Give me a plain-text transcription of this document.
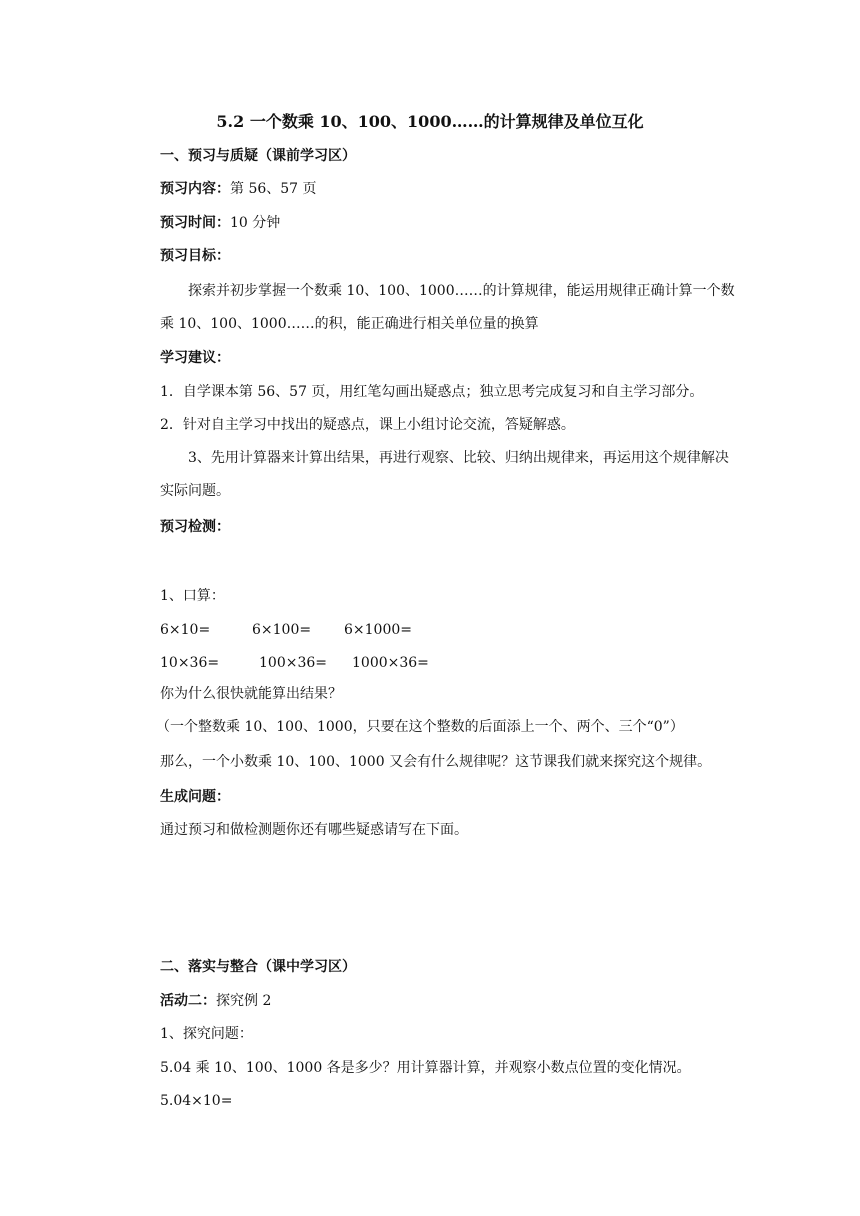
5.2 一个数乘 10、100、1000……的计算规律及单位互化
一、预习与质疑（课前学习区）
预习内容：第 56、57 页
预习时间：10 分钟
预习目标：
探索并初步掌握一个数乘 10、100、1000……的计算规律，能运用规律正确计算一个数乘 10、100、1000……的积，能正确进行相关单位量的换算
学习建议：
1．自学课本第 56、57 页，用红笔勾画出疑惑点；独立思考完成复习和自主学习部分。
2．针对自主学习中找出的疑惑点，课上小组讨论交流，答疑解惑。
3、先用计算器来计算出结果，再进行观察、比较、归纳出规律来，再运用这个规律解决实际问题。
预习检测：
1、口算：
6×10=	6×100= 6×1000=
10×36=	100×36= 1000×36=
你为什么很快就能算出结果？
（一个整数乘 10、100、1000，只要在这个整数的后面添上一个、两个、三个“0”）
那么，一个小数乘 10、100、1000 又会有什么规律呢？这节课我们就来探究这个规律。
生成问题：
通过预习和做检测题你还有哪些疑惑请写在下面。
二、落实与整合（课中学习区）
活动二：探究例 2
1、探究问题：
5.04 乘 10、100、1000 各是多少？用计算器计算，并观察小数点位置的变化情况。
5.04×10=
